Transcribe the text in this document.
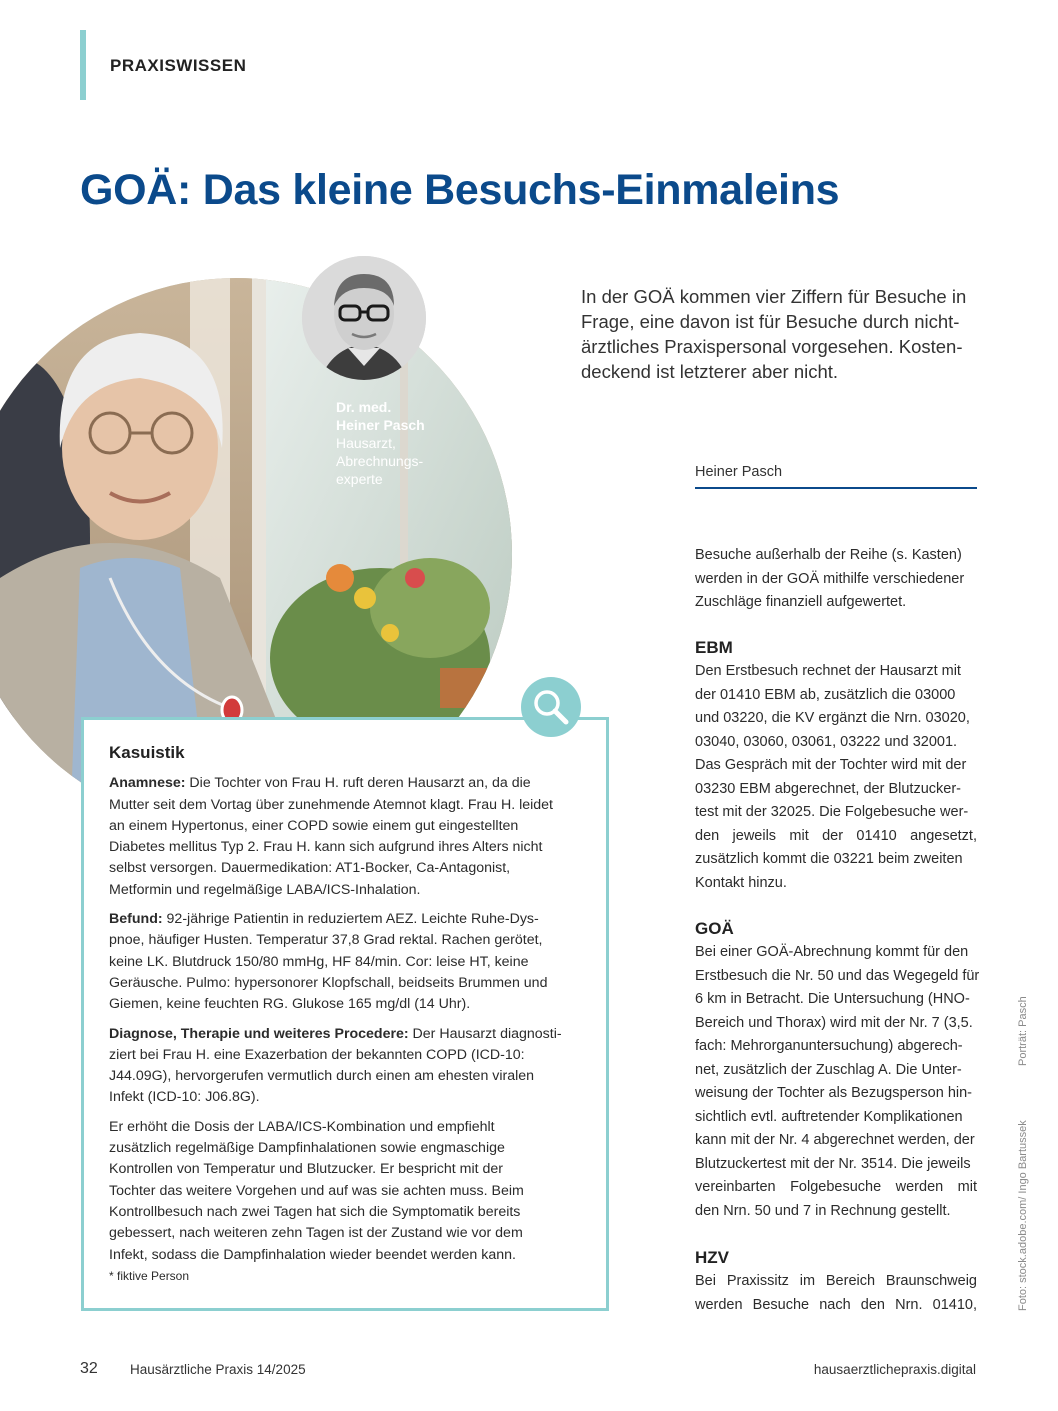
PRAXISWISSEN
GOÄ: Das kleine Besuchs-Einmaleins
Dr. med.
Heiner Pasch
Hausarzt,
Abrechnungs-
experte
In der GOÄ kommen vier Ziffern für Besuche in
Frage, eine davon ist für Besuche durch nicht-
ärztliches Praxispersonal vorgesehen. Kosten-
deckend ist letzterer aber nicht.
Heiner Pasch
Besuche außerhalb der Reihe (s. Kasten)
werden in der GOÄ mithilfe verschiedener
Zuschläge finanziell aufgewertet.
EBM
Den Erstbesuch rechnet der Hausarzt mit
der 01410 EBM ab, zusätzlich die 03000
und 03220, die KV ergänzt die Nrn. 03020,
03040, 03060, 03061, 03222 und 32001.
Das Gespräch mit der Tochter wird mit der
03230 EBM abgerechnet, der Blutzucker-
test mit der 32025. Die Folgebesuche wer-
den jeweils mit der 01410 angesetzt,
zusätzlich kommt die 03221 beim zweiten
Kontakt hinzu.
GOÄ
Bei einer GOÄ-Abrechnung kommt für den
Erstbesuch die Nr. 50 und das Wegegeld für
6 km in Betracht. Die Untersuchung (HNO-
Bereich und Thorax) wird mit der Nr. 7 (3,5.
fach: Mehrorganuntersuchung) abgerech-
net, zusätzlich der Zuschlag A. Die Unter-
weisung der Tochter als Bezugsperson hin-
sichtlich evtl. auftretender Komplikationen
kann mit der Nr. 4 abgerechnet werden, der
Blutzuckertest mit der Nr. 3514. Die jeweils
vereinbarten Folgebesuche werden mit
den Nrn. 50 und 7 in Rechnung gestellt.
HZV
Bei Praxissitz im Bereich Braunschweig
werden Besuche nach den Nrn. 01410,
Kasuistik

Anamnese: Die Tochter von Frau H. ruft deren Hausarzt an, da die
Mutter seit dem Vortag über zunehmende Atemnot klagt. Frau H. leidet
an einem Hypertonus, einer COPD sowie einem gut eingestellten
Diabetes mellitus Typ 2. Frau H. kann sich aufgrund ihres Alters nicht
selbst versorgen. Dauermedikation: AT1-Bocker, Ca-Antagonist,
Metformin und regelmäßige LABA/ICS-Inhalation.

Befund: 92-jährige Patientin in reduziertem AEZ. Leichte Ruhe-Dys-
pnoe, häufiger Husten. Temperatur 37,8 Grad rektal. Rachen gerötet,
keine LK. Blutdruck 150/80 mmHg, HF 84/min. Cor: leise HT, keine
Geräusche. Pulmo: hypersonorer Klopfschall, beidseits Brummen und
Giemen, keine feuchten RG. Glukose 165 mg/dl (14 Uhr).

Diagnose, Therapie und weiteres Procedere: Der Hausarzt diagnosti-
ziert bei Frau H. eine Exazerbation der bekannten COPD (ICD-10:
J44.09G), hervorgerufen vermutlich durch einen am ehesten viralen
Infekt (ICD-10: J06.8G).

Er erhöht die Dosis der LABA/ICS-Kombination und empfiehlt
zusätzlich regelmäßige Dampfinhalationen sowie engmaschige
Kontrollen von Temperatur und Blutzucker. Er bespricht mit der
Tochter das weitere Vorgehen und auf was sie achten muss. Beim
Kontrollbesuch nach zwei Tagen hat sich die Symptomatik bereits
gebessert, nach weiteren zehn Tagen ist der Zustand wie vor dem
Infekt, sodass die Dampfinhalation wieder beendet werden kann.

* fiktive Person
Porträt: Pasch
Foto: stock.adobe.com/ Ingo Bartussek
32 Hausärztliche Praxis 14/2025	hausaerztlichepraxis.digital
